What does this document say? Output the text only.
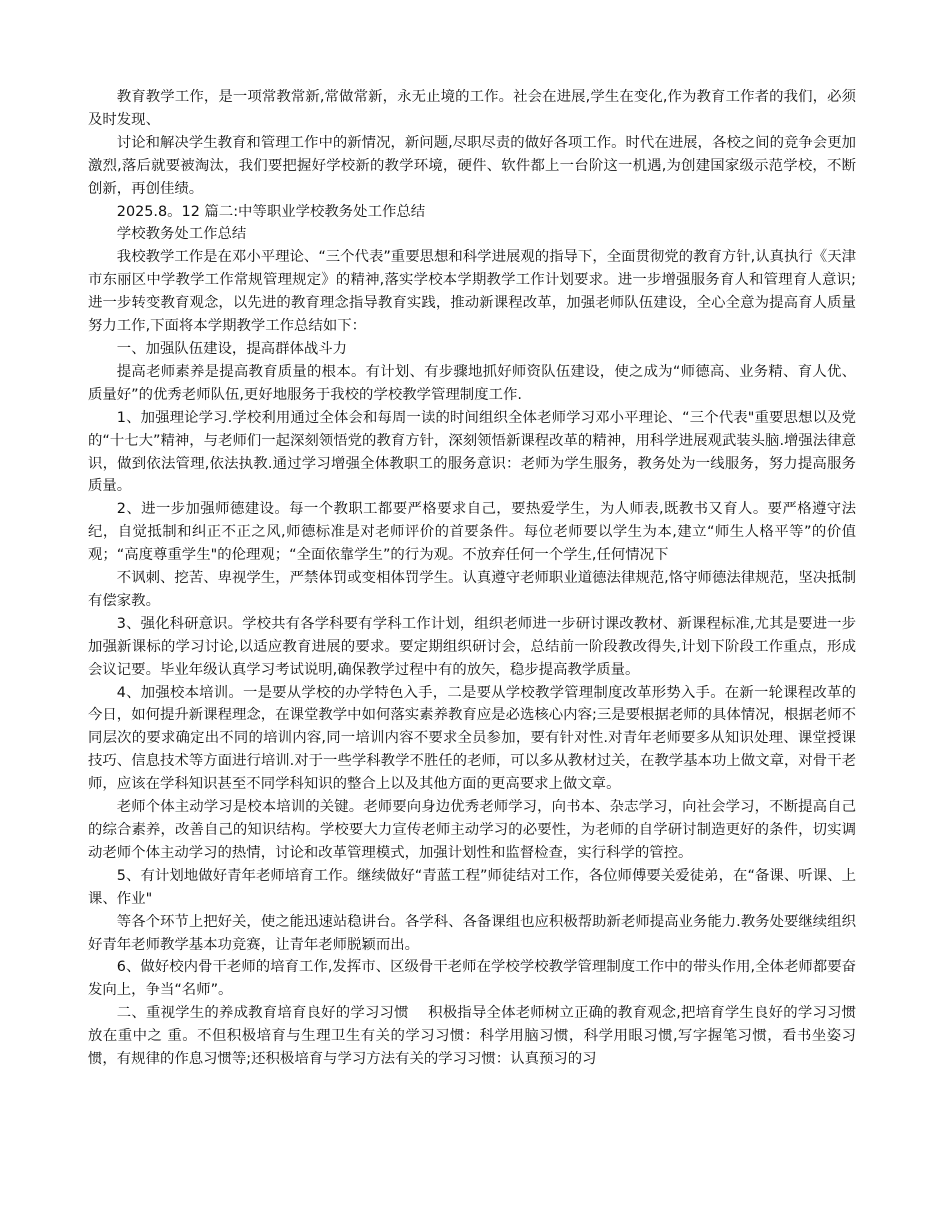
教育教学工作，是一项常教常新,常做常新，永无止境的工作。社会在进展,学生在变化,作为教育工作者的我们，必须及时发现、

讨论和解决学生教育和管理工作中的新情况，新问题,尽职尽责的做好各项工作。时代在进展，各校之间的竞争会更加激烈,落后就要被淘汰，我们要把握好学校新的教学环境，硬件、软件都上一台阶这一机遇,为创建国家级示范学校，不断创新，再创佳绩。

2025.8。12 篇二:中等职业学校教务处工作总结

学校教务处工作总结

我校教学工作是在邓小平理论、“三个代表”重要思想和科学进展观的指导下，全面贯彻党的教育方针,认真执行《天津市东丽区中学教学工作常规管理规定》的精神,落实学校本学期教学工作计划要求。进一步增强服务育人和管理育人意识;进一步转变教育观念，以先进的教育理念指导教育实践，推动新课程改革，加强老师队伍建设，全心全意为提高育人质量努力工作,下面将本学期教学工作总结如下：

一、加强队伍建设，提高群体战斗力

提高老师素养是提高教育质量的根本。有计划、有步骤地抓好师资队伍建设，使之成为“师德高、业务精、育人优、质量好”的优秀老师队伍,更好地服务于我校的学校教学管理制度工作.

1、加强理论学习.学校利用通过全体会和每周一读的时间组织全体老师学习邓小平理论、“三个代表"重要思想以及党的“十七大”精神，与老师们一起深刻领悟党的教育方针，深刻领悟新课程改革的精神，用科学进展观武装头脑.增强法律意识，做到依法管理,依法执教.通过学习增强全体教职工的服务意识：老师为学生服务，教务处为一线服务，努力提高服务质量。

2、进一步加强师德建设。每一个教职工都要严格要求自己，要热爱学生，为人师表,既教书又育人。要严格遵守法纪，自觉抵制和纠正不正之风,师德标准是对老师评价的首要条件。每位老师要以学生为本,建立“师生人格平等”的价值观；“高度尊重学生"的伦理观；“全面依靠学生”的行为观。不放弃任何一个学生,任何情况下

不讽刺、挖苦、卑视学生，严禁体罚或变相体罚学生。认真遵守老师职业道德法律规范,恪守师德法律规范，坚决抵制有偿家教。

3、强化科研意识。学校共有各学科要有学科工作计划，组织老师进一步研讨课改教材、新课程标准,尤其是要进一步加强新课标的学习讨论,以适应教育进展的要求。要定期组织研讨会，总结前一阶段教改得失,计划下阶段工作重点，形成会议记要。毕业年级认真学习考试说明,确保教学过程中有的放矢，稳步提高教学质量。

4、加强校本培训。一是要从学校的办学特色入手，二是要从学校教学管理制度改革形势入手。在新一轮课程改革的今日，如何提升新课程理念，在课堂教学中如何落实素养教育应是必选核心内容;三是要根据老师的具体情况，根据老师不同层次的要求确定出不同的培训内容,同一培训内容不要求全员参加，要有针对性.对青年老师要多从知识处理、课堂授课技巧、信息技术等方面进行培训.对于一些学科教学不胜任的老师，可以多从教材过关，在教学基本功上做文章，对骨干老师，应该在学科知识甚至不同学科知识的整合上以及其他方面的更高要求上做文章。

老师个体主动学习是校本培训的关键。老师要向身边优秀老师学习，向书本、杂志学习，向社会学习，不断提高自己的综合素养，改善自己的知识结构。学校要大力宣传老师主动学习的必要性，为老师的自学研讨制造更好的条件，切实调动老师个体主动学习的热情，讨论和改革管理模式，加强计划性和监督检查，实行科学的管控。

5、有计划地做好青年老师培育工作。继续做好“青蓝工程”师徒结对工作，各位师傅要关爱徒弟，在“备课、听课、上课、作业"

等各个环节上把好关，使之能迅速站稳讲台。各学科、各备课组也应积极帮助新老师提高业务能力.教务处要继续组织好青年老师教学基本功竞赛，让青年老师脱颖而出。

6、做好校内骨干老师的培育工作,发挥市、区级骨干老师在学校学校教学管理制度工作中的带头作用,全体老师都要奋发向上，争当“名师”。

二、重视学生的养成教育培育良好的学习习惯　 积极指导全体老师树立正确的教育观念,把培育学生良好的学习习惯放在重中之 重。不但积极培育与生理卫生有关的学习习惯：科学用脑习惯，科学用眼习惯,写字握笔习惯，看书坐姿习惯，有规律的作息习惯等;还积极培育与学习方法有关的学习习惯：认真预习的习
